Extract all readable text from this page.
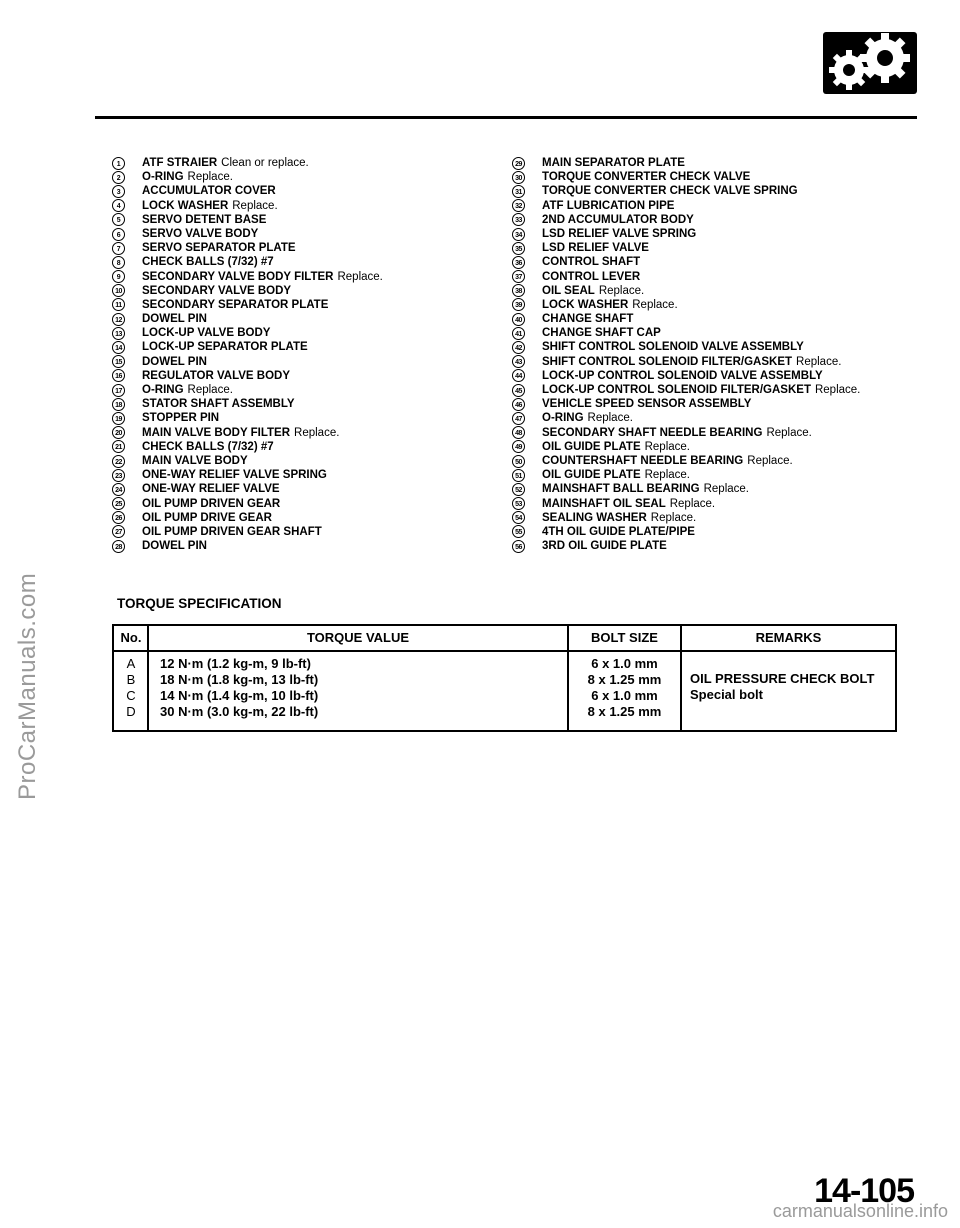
ProCarManuals.com
carmanualsonline.info
1	ATF STRAIER Clean or replace.
2	O-RING Replace.
3	ACCUMULATOR COVER
4	LOCK WASHER Replace.
5	SERVO DETENT BASE
6	SERVO VALVE BODY
7	SERVO SEPARATOR PLATE
8	CHECK BALLS (7/32) #7
9	SECONDARY VALVE BODY FILTER Replace.
10 SECONDARY VALVE BODY
11 SECONDARY SEPARATOR PLATE
12 DOWEL PIN
13 LOCK-UP VALVE BODY
14 LOCK-UP SEPARATOR PLATE
15 DOWEL PIN
16 REGULATOR VALVE BODY
17 O-RING Replace.
18 STATOR SHAFT ASSEMBLY
19 STOPPER PIN
20 MAIN VALVE BODY FILTER Replace.
21 CHECK BALLS (7/32) #7
22 MAIN VALVE BODY
23 ONE-WAY RELIEF VALVE SPRING
24 ONE-WAY RELIEF VALVE
25 OIL PUMP DRIVEN GEAR
26 OIL PUMP DRIVE GEAR
27 OIL PUMP DRIVEN GEAR SHAFT
28 DOWEL PIN
29 MAIN SEPARATOR PLATE
30 TORQUE CONVERTER CHECK VALVE
31 TORQUE CONVERTER CHECK VALVE SPRING
32 ATF LUBRICATION PIPE
33 2ND ACCUMULATOR BODY
34 LSD RELIEF VALVE SPRING
35 LSD RELIEF VALVE
36 CONTROL SHAFT
37 CONTROL LEVER
38 OIL SEAL Replace.
39 LOCK WASHER Replace.
40 CHANGE SHAFT
41 CHANGE SHAFT CAP
42 SHIFT CONTROL SOLENOID VALVE ASSEMBLY
43 SHIFT CONTROL SOLENOID FILTER/GASKET Replace.
44 LOCK-UP CONTROL SOLENOID VALVE ASSEMBLY
45 LOCK-UP CONTROL SOLENOID FILTER/GASKET Replace.
46 VEHICLE SPEED SENSOR ASSEMBLY
47 O-RING Replace.
48 SECONDARY SHAFT NEEDLE BEARING Replace.
49 OIL GUIDE PLATE Replace.
50 COUNTERSHAFT NEEDLE BEARING Replace.
51 OIL GUIDE PLATE Replace.
52 MAINSHAFT BALL BEARING Replace.
53 MAINSHAFT OIL SEAL Replace.
54 SEALING WASHER Replace.
55 4TH OIL GUIDE PLATE/PIPE
56 3RD OIL GUIDE PLATE
TORQUE SPECIFICATION
No.	TORQUE VALUE	BOLT SIZE	REMARKS
A	12 N·m (1.2 kg-m, 9 lb-ft)	6 x 1.0 mm
B	18 N·m (1.8 kg-m, 13 lb-ft)	8 x 1.25 mm
C	14 N·m (1.4 kg-m, 10 lb-ft)	6 x 1.0 mm
D	30 N·m (3.0 kg-m, 22 lb-ft)	8 x 1.25 mm
OIL PRESSURE CHECK BOLT
Special bolt
14-105
